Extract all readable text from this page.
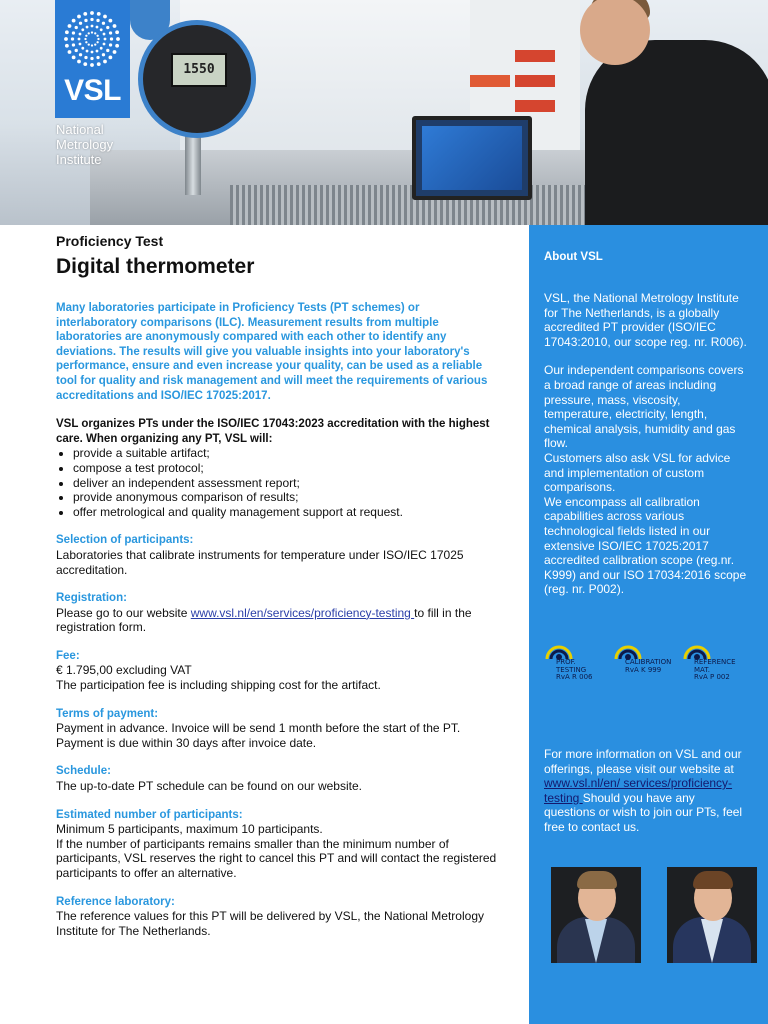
1550
VSL
National
Metrology
Institute

Proficiency Test

Digital thermometer

Many laboratories participate in Proficiency Tests (PT schemes) or interlaboratory comparisons (ILC). Measurement results from multiple laboratories are anonymously compared with each other to identify any deviations. The results will give you valuable insights into your laboratory's performance, ensure and even increase your quality, can be used as a reliable tool for quality and risk management and will meet the requirements of various accreditations and ISO/IEC 17025:2017.

VSL organizes PTs under the ISO/IEC 17043:2023 accreditation with the highest care. When organizing any PT, VSL will:

• provide a suitable artifact;
• compose a test protocol;
• deliver an independent assessment report;
• provide anonymous comparison of results;
• offer metrological and quality management support at request.

Selection of participants:

Laboratories that calibrate instruments for temperature under ISO/IEC 17025 accreditation.

Registration:

Please go to our website www.vsl.nl/en/services/proficiency-testing to fill in the registration form.

Fee:

€ 1.795,00 excluding VAT

The participation fee is including shipping cost for the artifact.

Terms of payment:

Payment in advance. Invoice will be send 1 month before the start of the PT. Payment is due within 30 days after invoice date.

Schedule:

The up-to-date PT schedule can be found on our website.

Estimated number of participants:

Minimum 5 participants, maximum 10 participants.

If the number of participants remains smaller than the minimum number of participants, VSL reserves the right to cancel this PT and will contact the registered participants to offer an alternative.

Reference laboratory:

The reference values for this PT will be delivered by VSL, the National Metrology Institute for The Netherlands.

About VSL

VSL, the National Metrology Institute for The Netherlands, is a globally accredited PT provider (ISO/IEC 17043:2010, our scope reg. nr. R006).

Our independent comparisons covers a broad range of areas including pressure, mass, viscosity, temperature, electricity, length, chemical analysis, humidity and gas flow.

Customers also ask VSL for advice and implementation of custom comparisons.

We encompass all calibration capabilities across various technological fields listed in our extensive ISO/IEC 17025:2017 accredited calibration scope (reg.nr. K999) and our ISO 17034:2016 scope (reg. nr. P002).

PROF. TESTING
RvA R 006
CALIBRATION
RvA K 999
REFERENCE MAT.
RvA P 002

For more information on VSL and our offerings, please visit our website at www.vsl.nl/en/ services/proficiency-testing Should you have any questions or wish to join our PTs, feel free to contact us.
